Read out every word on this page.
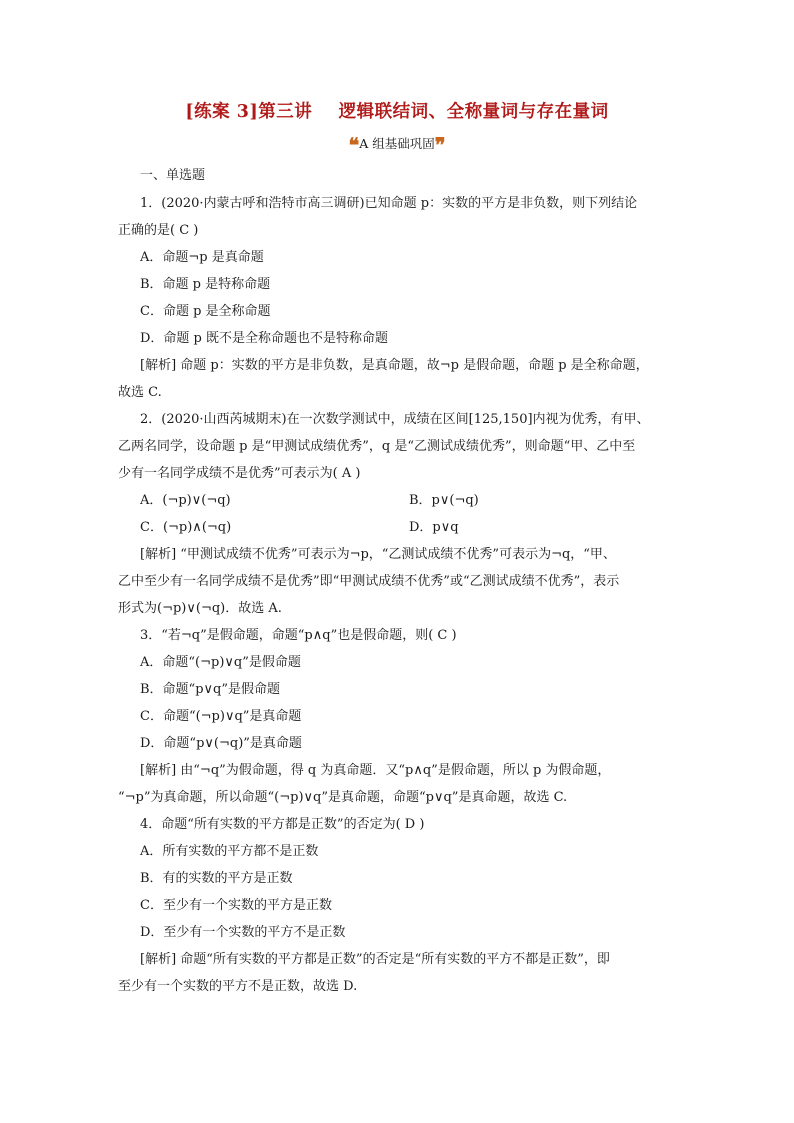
[练案 3]第三讲    逻辑联结词、全称量词与存在量词
❝A 组基础巩固❞
一、单选题
1．(2020·内蒙古呼和浩特市高三调研)已知命题 p：实数的平方是非负数，则下列结论
正确的是( C )
A．命题¬p 是真命题
B．命题 p 是特称命题
C．命题 p 是全称命题
D．命题 p 既不是全称命题也不是特称命题
[解析] 命题 p：实数的平方是非负数，是真命题，故¬p 是假命题，命题 p 是全称命题，
故选 C.
2．(2020·山西芮城期末)在一次数学测试中，成绩在区间[125,150]内视为优秀，有甲、
乙两名同学，设命题 p 是“甲测试成绩优秀”，q 是“乙测试成绩优秀”，则命题“甲、乙中至
少有一名同学成绩不是优秀”可表示为( A )
A．(¬p)∨(¬q)	B．p∨(¬q)
C．(¬p)∧(¬q)	D．p∨q
[解析] “甲测试成绩不优秀”可表示为¬p，“乙测试成绩不优秀”可表示为¬q，“甲、
乙中至少有一名同学成绩不是优秀”即“甲测试成绩不优秀”或“乙测试成绩不优秀”，表示
形式为(¬p)∨(¬q)．故选 A.
3．“若¬q”是假命题，命题“p∧q”也是假命题，则( C )
A．命题“(¬p)∨q”是假命题
B．命题“p∨q”是假命题
C．命题“(¬p)∨q”是真命题
D．命题“p∨(¬q)”是真命题
[解析] 由“¬q”为假命题，得 q 为真命题．又“p∧q”是假命题，所以 p 为假命题，
“¬p”为真命题，所以命题“(¬p)∨q”是真命题，命题“p∨q”是真命题，故选 C.
4．命题“所有实数的平方都是正数”的否定为( D )
A．所有实数的平方都不是正数
B．有的实数的平方是正数
C．至少有一个实数的平方是正数
D．至少有一个实数的平方不是正数
[解析] 命题“所有实数的平方都是正数”的否定是“所有实数的平方不都是正数”，即
至少有一个实数的平方不是正数，故选 D.
